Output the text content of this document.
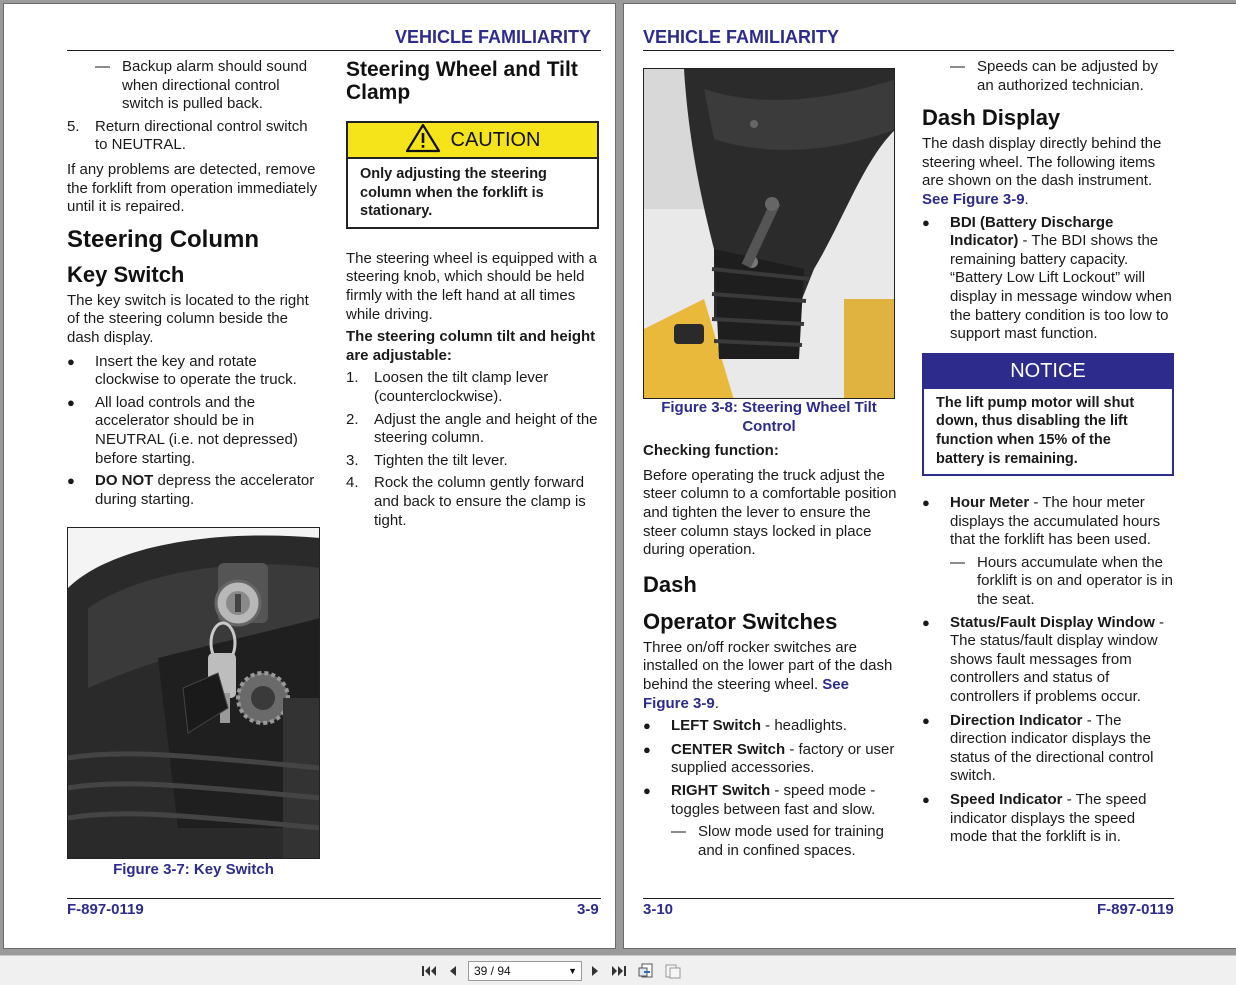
VEHICLE FAMILIARITY
— Backup alarm should sound when directional control switch is pulled back.
5. Return directional control switch to NEUTRAL.

If any problems are detected, remove the forklift from operation immediately until it is repaired.

Steering Column
Key Switch

The key switch is located to the right of the steering column beside the dash display.

● Insert the key and rotate clockwise to operate the truck.
● All load controls and the accelerator should be in NEUTRAL (i.e. not depressed) before starting.
● DO NOT depress the accelerator during starting.
Figure 3-7: Key Switch
Steering Wheel and Tilt Clamp
CAUTION
Only adjusting the steering column when the forklift is stationary.

The steering wheel is equipped with a steering knob, which should be held firmly with the left hand at all times while driving.

The steering column tilt and height are adjustable:

1. Loosen the tilt clamp lever (counterclockwise).
2. Adjust the angle and height of the steering column.
3. Tighten the tilt lever.
4. Rock the column gently forward and back to ensure the clamp is tight.
F-897-0119	3-9
VEHICLE FAMILIARITY
Figure 3-8: Steering Wheel Tilt Control

Checking function:

Before operating the truck adjust the steer column to a comfortable position and tighten the lever to ensure the steer column stays locked in place during operation.

Dash
Operator Switches

Three on/off rocker switches are installed on the lower part of the dash behind the steering wheel. See Figure 3-9.

● LEFT Switch - headlights.
● CENTER Switch - factory or user supplied accessories.
● RIGHT Switch - speed mode - toggles between fast and slow.
— Slow mode used for training and in confined spaces.
— Speeds can be adjusted by an authorized technician.
Dash Display

The dash display directly behind the steering wheel. The following items are shown on the dash instrument. See Figure 3-9.

● BDI (Battery Discharge Indicator) - The BDI shows the remaining battery capacity. “Battery Low Lift Lockout” will display in message window when the battery condition is too low to support mast function.
NOTICE
The lift pump motor will shut down, thus disabling the lift function when 15% of the battery is remaining.
● Hour Meter - The hour meter displays the accumulated hours that the forklift has been used.
— Hours accumulate when the forklift is on and operator is in the seat.
● Status/Fault Display Window - The status/fault display window shows fault messages from controllers and status of controllers if problems occur.
● Direction Indicator - The direction indicator displays the status of the directional control switch.
● Speed Indicator - The speed indicator displays the speed mode that the forklift is in.
3-10	F-897-0119
39 / 94	▼
